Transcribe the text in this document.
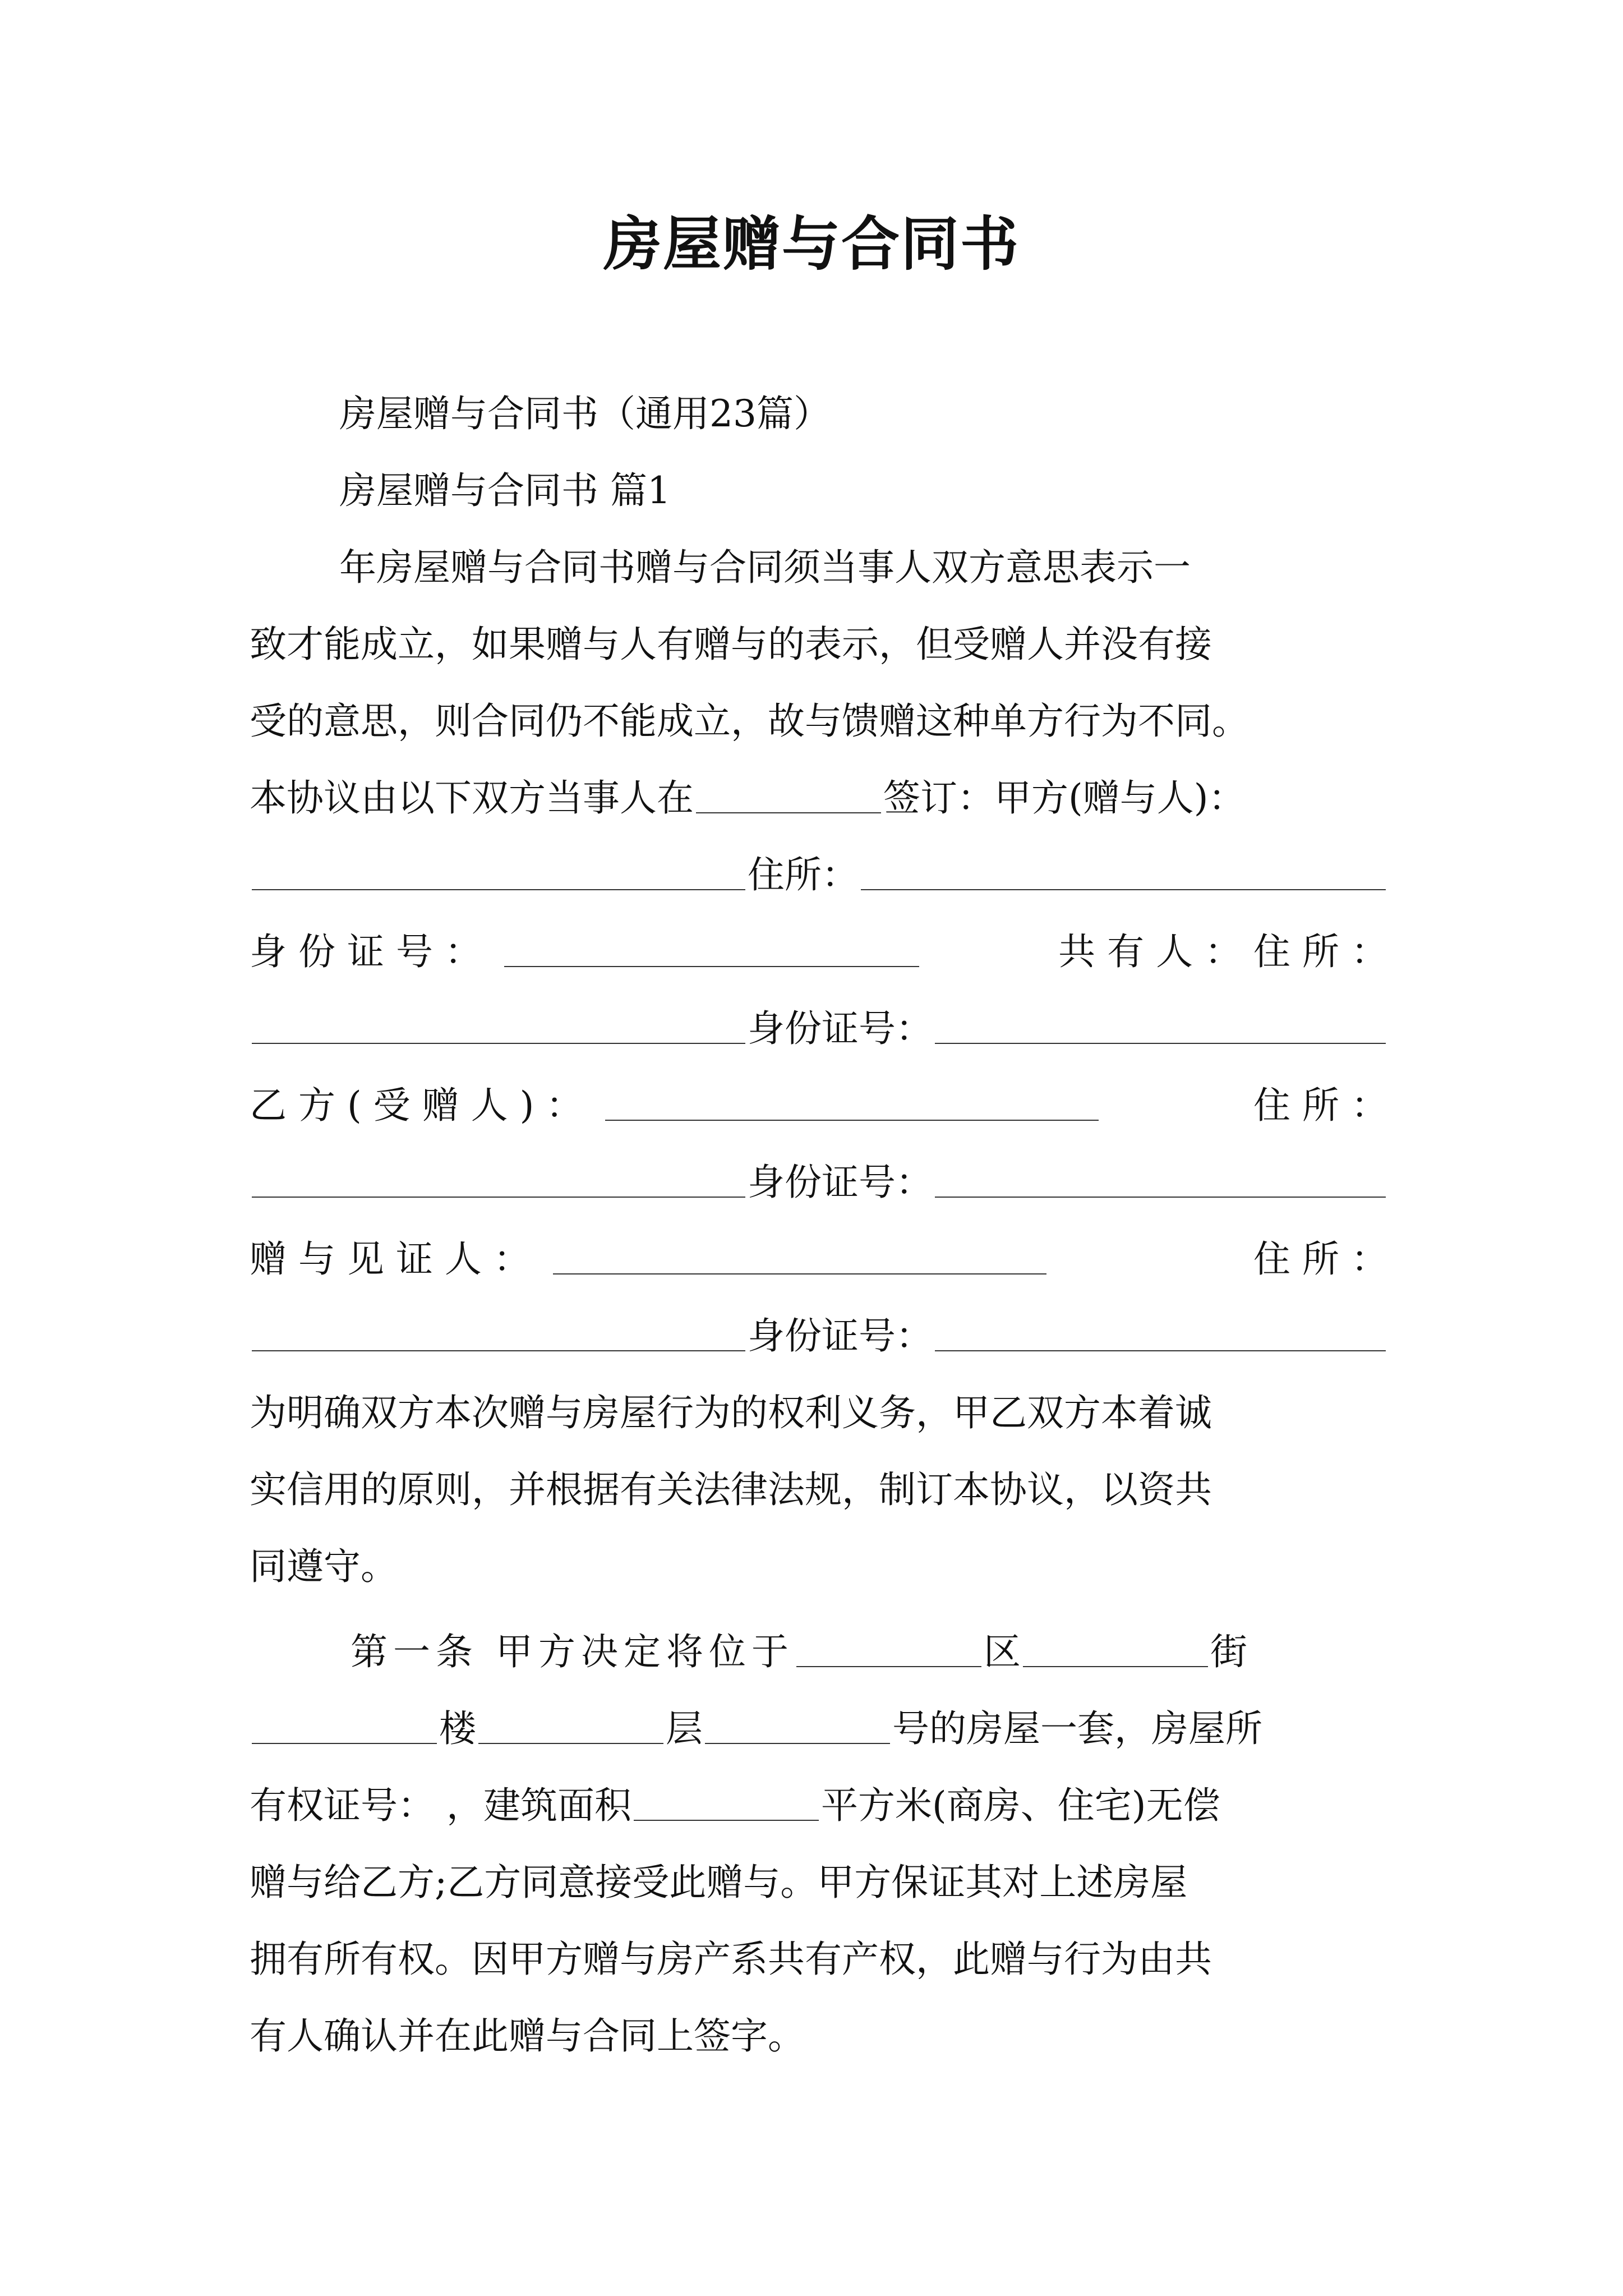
房屋赠与合同书
房屋赠与合同书（通用23篇）
房屋赠与合同书 篇1
年房屋赠与合同书赠与合同须当事人双方意思表示一
致才能成立，如果赠与人有赠与的表示，但受赠人并没有接
受的意思，则合同仍不能成立，故与馈赠这种单方行为不同。
本协议由以下双方当事人在	签订：甲方(赠与人)：
住所：
身 份 证 号 ：	共 有 人 ： 住 所 ：
身份证号：
乙 方 ( 受 赠 人 ) ：	住 所 ：
身份证号：
赠 与 见 证 人 ：	住 所 ：
身份证号：
为明确双方本次赠与房屋行为的权利义务，甲乙双方本着诚
实信用的原则，并根据有关法律法规，制订本协议，以资共
同遵守。
第一条 甲方决定将位于	区	街
楼	层	号的房屋一套，房屋所
有权证号： ，建筑面积	平方米(商房、住宅)无偿
赠与给乙方;乙方同意接受此赠与。甲方保证其对上述房屋
拥有所有权。因甲方赠与房产系共有产权，此赠与行为由共
有人确认并在此赠与合同上签字。
